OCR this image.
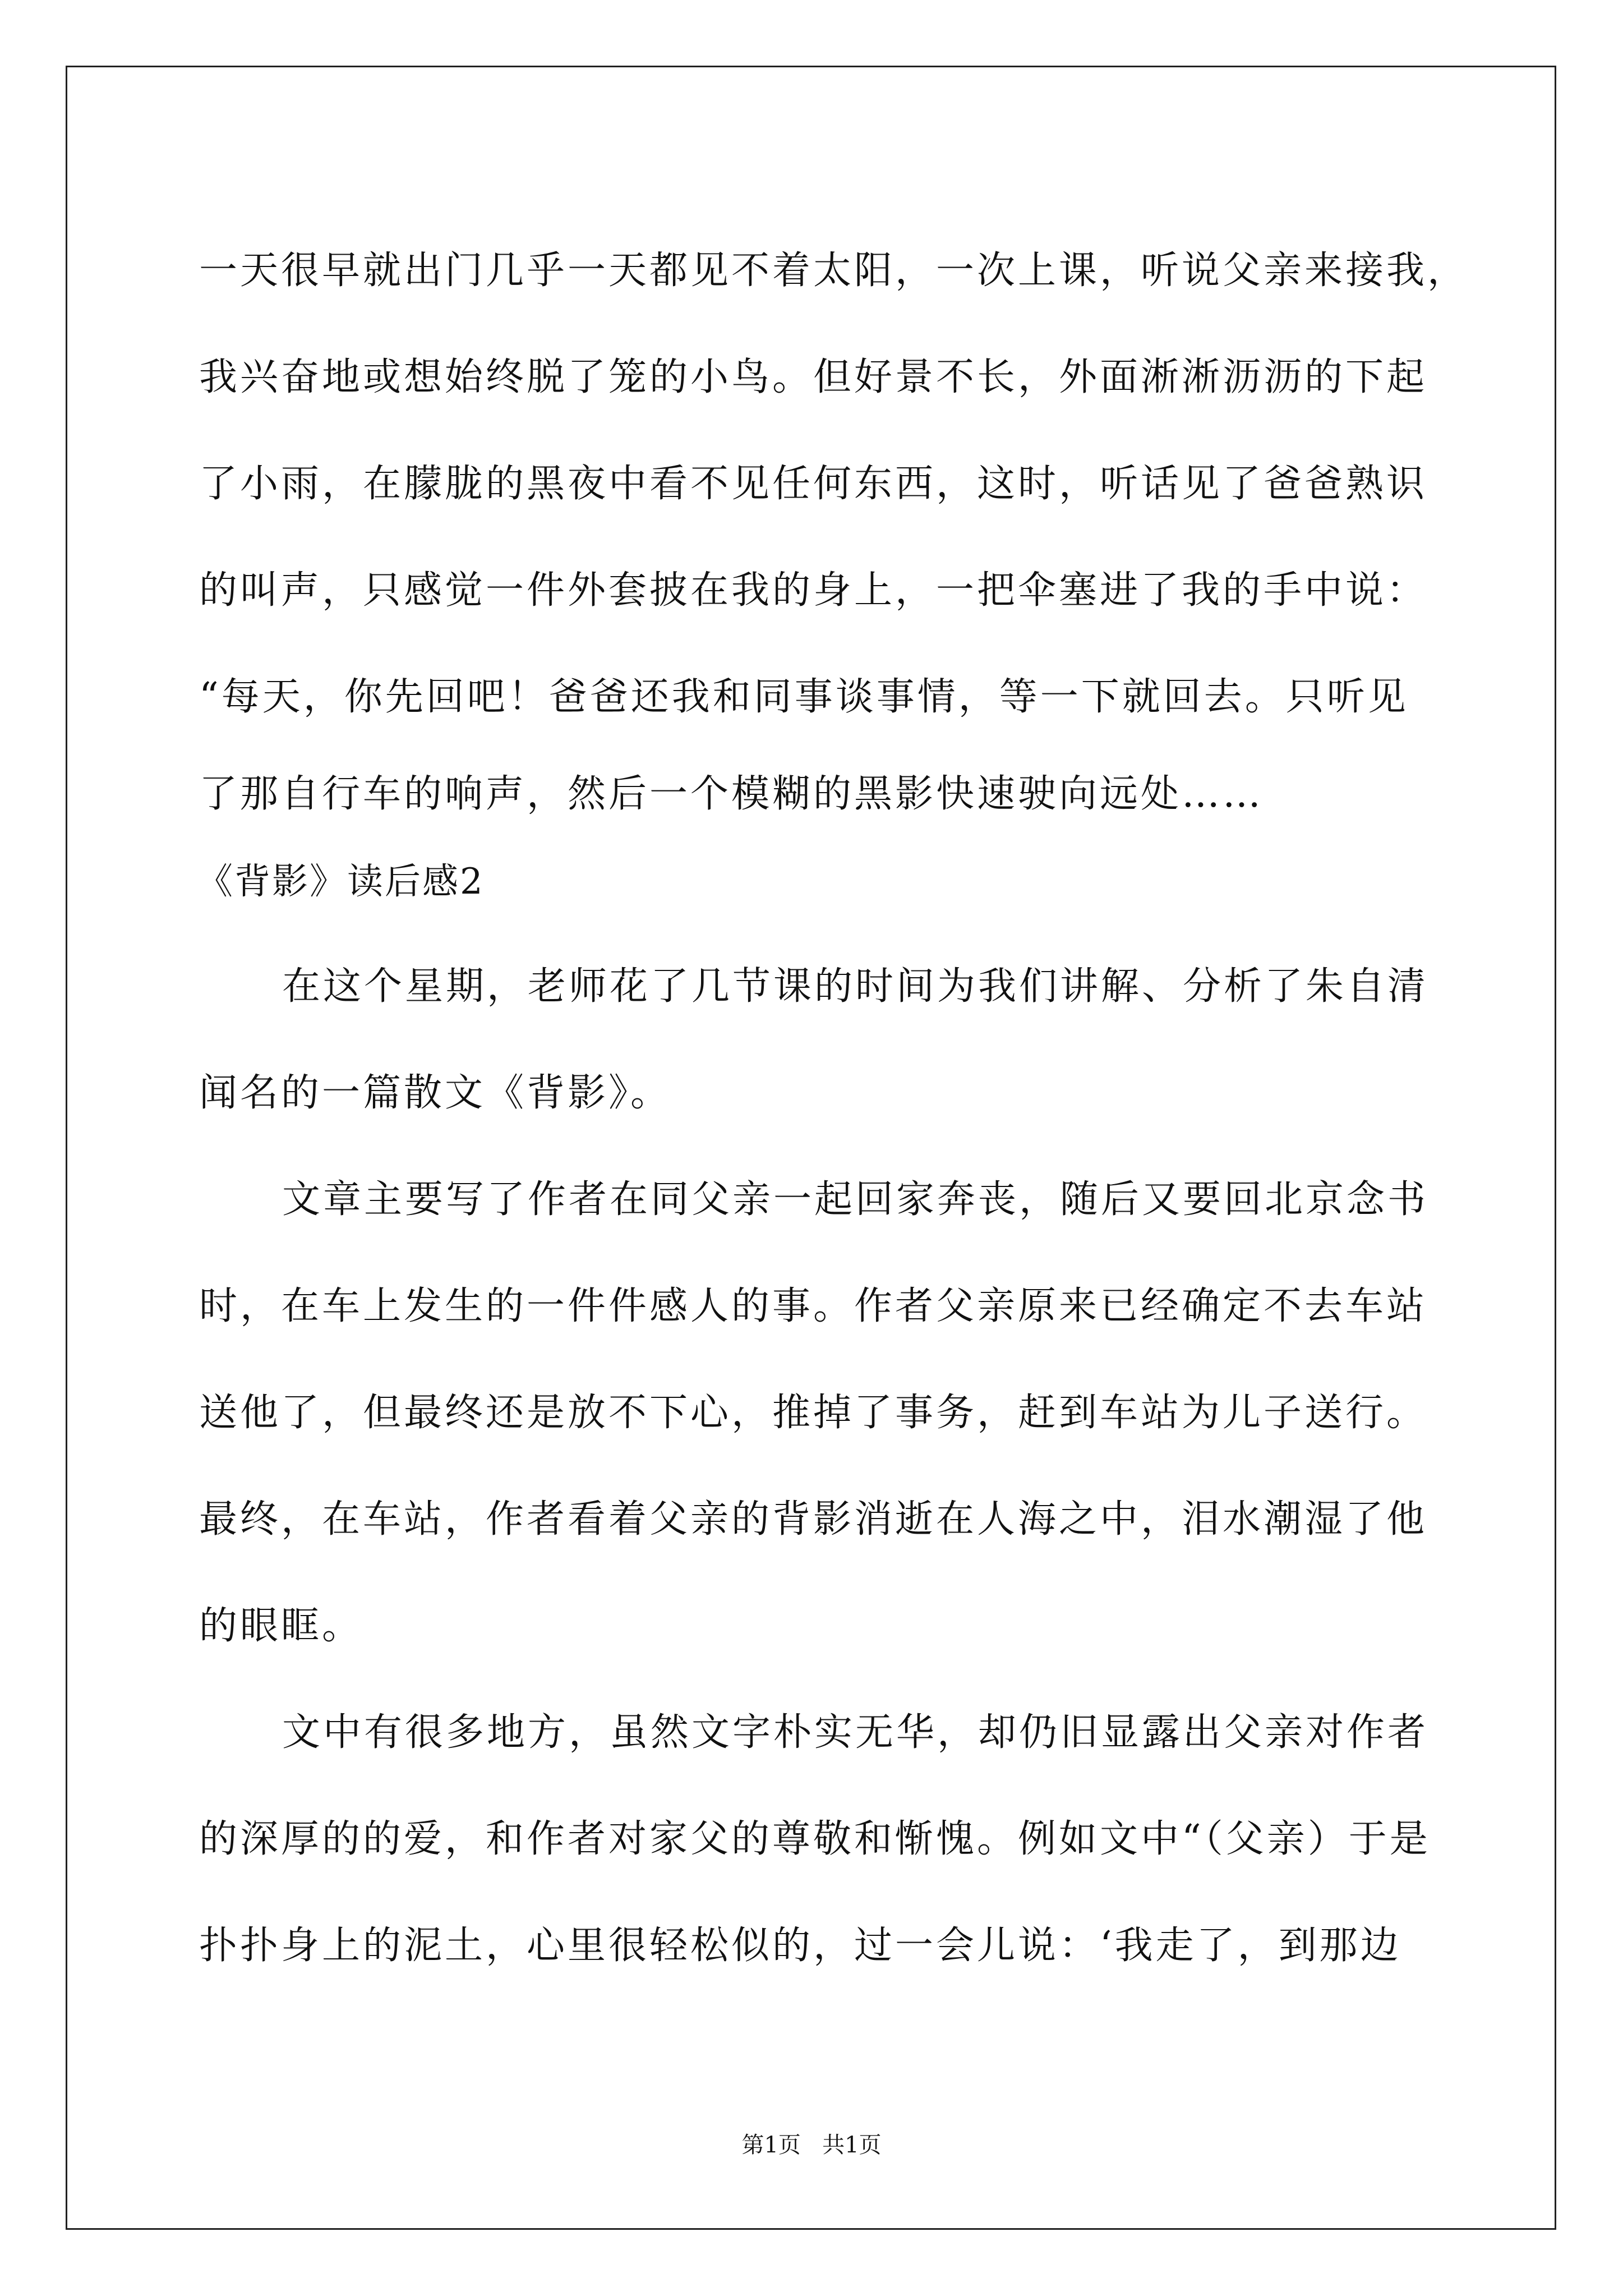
一天很早就出门几乎一天都见不着太阳，一次上课，听说父亲来接我，
我兴奋地或想始终脱了笼的小鸟。但好景不长，外面淅淅沥沥的下起
了小雨，在朦胧的黑夜中看不见任何东西，这时，听话见了爸爸熟识
的叫声，只感觉一件外套披在我的身上，一把伞塞进了我的手中说：
“每天，你先回吧！爸爸还我和同事谈事情，等一下就回去。只听见
了那自行车的响声，然后一个模糊的黑影快速驶向远处……
《背影》读后感2
在这个星期，老师花了几节课的时间为我们讲解、分析了朱自清
闻名的一篇散文《背影》。
文章主要写了作者在同父亲一起回家奔丧，随后又要回北京念书
时，在车上发生的一件件感人的事。作者父亲原来已经确定不去车站
送他了，但最终还是放不下心，推掉了事务，赶到车站为儿子送行。
最终，在车站，作者看着父亲的背影消逝在人海之中，泪水潮湿了他
的眼眶。
文中有很多地方，虽然文字朴实无华，却仍旧显露出父亲对作者
的深厚的的爱，和作者对家父的尊敬和惭愧。例如文中“（父亲）于是
扑扑身上的泥土，心里很轻松似的，过一会儿说：‘我走了，到那边
第1页 共1页
